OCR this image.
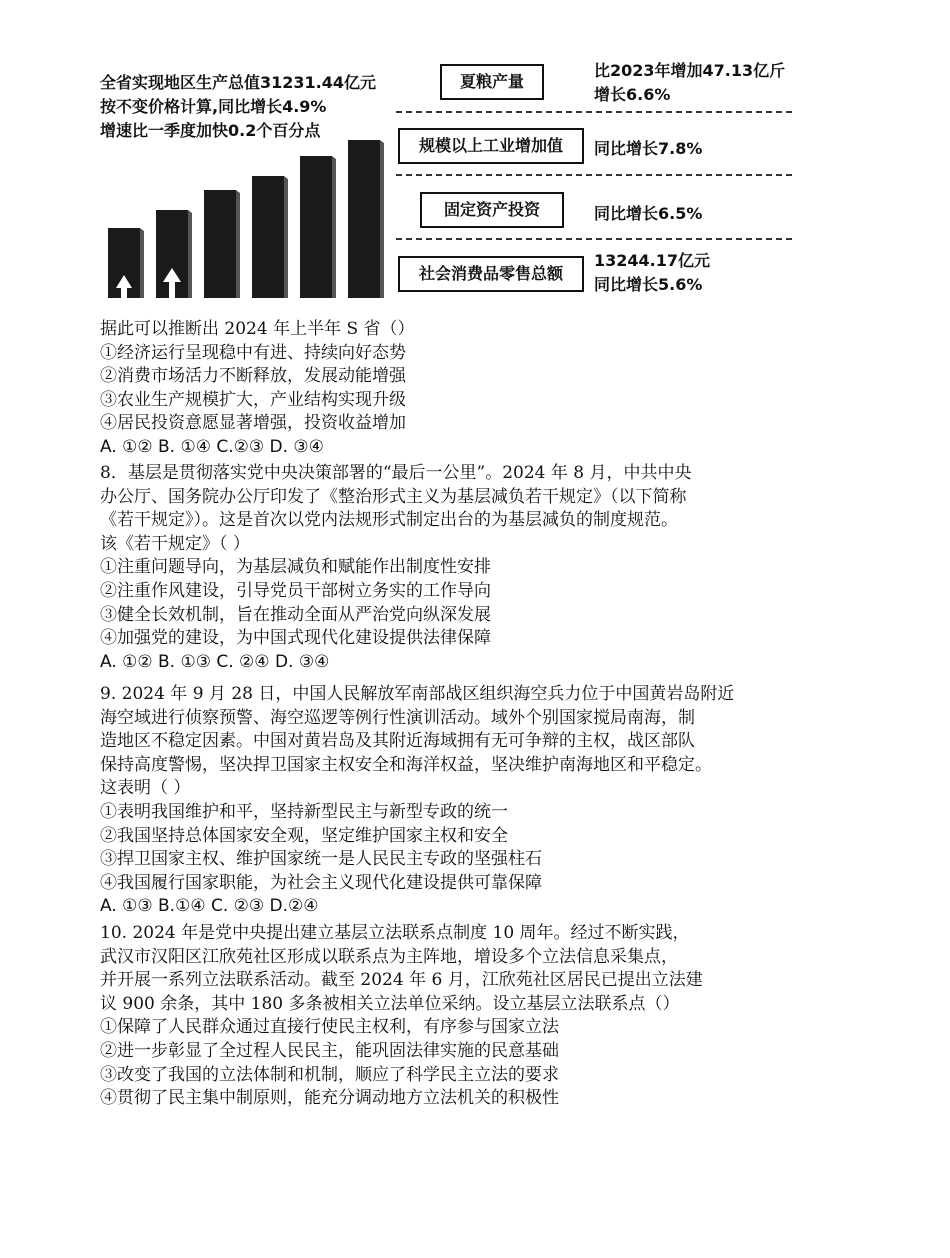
全省实现地区生产总值31231.44亿元
按不变价格计算,同比增长4.9%
增速比一季度加快0.2个百分点
夏粮产量
比2023年增加47.13亿斤
增长6.6%
规模以上工业增加值	同比增长7.8%
固定资产投资	同比增长6.5%
社会消费品零售总额
13244.17亿元
同比增长5.6%

据此可以推断出 2024 年上半年 S 省（）

①经济运行呈现稳中有进、持续向好态势

②消费市场活力不断释放，发展动能增强

③农业生产规模扩大，产业结构实现升级

④居民投资意愿显著增强，投资收益增加

A. ①② B. ①④ C.②③ D. ③④

8．基层是贯彻落实党中央决策部署的“最后一公里”。2024 年 8 月，中共中央

办公厅、国务院办公厅印发了《整治形式主义为基层减负若干规定》（以下简称

《若干规定》）。这是首次以党内法规形式制定出台的为基层减负的制度规范。

该《若干规定》（ ）

①注重问题导向，为基层减负和赋能作出制度性安排

②注重作风建设，引导党员干部树立务实的工作导向

③健全长效机制，旨在推动全面从严治党向纵深发展

④加强党的建设，为中国式现代化建设提供法律保障

A. ①② B. ①③ C. ②④ D. ③④

9. 2024 年 9 月 28 日，中国人民解放军南部战区组织海空兵力位于中国黄岩岛附近

海空域进行侦察预警、海空巡逻等例行性演训活动。域外个别国家搅局南海，制

造地区不稳定因素。中国对黄岩岛及其附近海域拥有无可争辩的主权，战区部队

保持高度警惕，坚决捍卫国家主权安全和海洋权益，坚决维护南海地区和平稳定。

这表明（ ）

①表明我国维护和平，坚持新型民主与新型专政的统一

②我国坚持总体国家安全观，坚定维护国家主权和安全

③捍卫国家主权、维护国家统一是人民民主专政的坚强柱石

④我国履行国家职能，为社会主义现代化建设提供可靠保障

A. ①③ B.①④ C. ②③ D.②④

10. 2024 年是党中央提出建立基层立法联系点制度 10 周年。经过不断实践，

武汉市汉阳区江欣苑社区形成以联系点为主阵地，增设多个立法信息采集点，

并开展一系列立法联系活动。截至 2024 年 6 月，江欣苑社区居民已提出立法建

议 900 余条，其中 180 多条被相关立法单位采纳。设立基层立法联系点（）

①保障了人民群众通过直接行使民主权利，有序参与国家立法

②进一步彰显了全过程人民民主，能巩固法律实施的民意基础

③改变了我国的立法体制和机制，顺应了科学民主立法的要求

④贯彻了民主集中制原则，能充分调动地方立法机关的积极性
